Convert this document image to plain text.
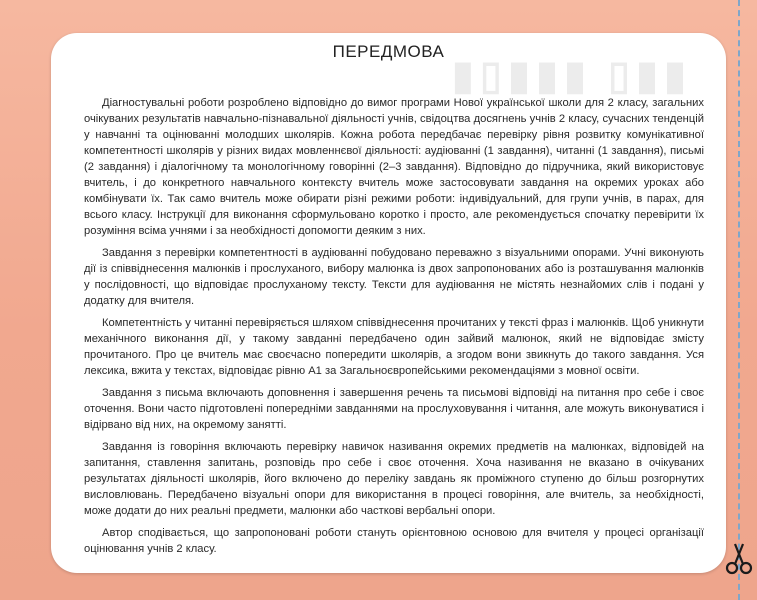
▮▮▯ ▮▮▮▯▮
ПЕРЕДМОВА

Діагностувальні роботи розроблено відповідно до вимог програми Нової української школи для 2 класу, загальних очікуваних результатів навчально-пізнавальної діяльності учнів, свідоцтва досягнень учнів 2 класу, сучасних тенденцій у навчанні та оцінюванні молодших школярів. Кожна робота передбачає перевірку рівня розвитку комунікативної компетентності школярів у різних видах мовленнєвої діяльності: аудіюванні (1 завдання), читанні (1 завдання), письмі (2 завдання) і діалогічному та монологічному говорінні (2–3 завдання). Відповідно до підручника, який використовує вчитель, і до конкретного навчального контексту вчитель може застосовувати завдання на окремих уроках або комбінувати їх. Так само вчитель може обирати різні режими роботи: індивідуальний, для групи учнів, в парах, для всього класу. Інструкції для виконання сформульовано коротко і просто, але рекомендується спочатку перевірити їх розуміння всіма учнями і за необхідності допомогти деяким з них.

Завдання з перевірки компетентності в аудіюванні побудовано переважно з візуальними опорами. Учні виконують дії із співвіднесення малюнків і прослуханого, вибору малюнка із двох запропонованих або із розташування малюнків у послідовності, що відповідає прослуханому тексту. Тексти для аудіювання не містять незнайомих слів і подані у додатку для вчителя.

Компетентність у читанні перевіряється шляхом співвіднесення прочитаних у тексті фраз і малюнків. Щоб уникнути механічного виконання дії, у такому завданні передбачено один зайвий малюнок, який не відповідає змісту прочитаного. Про це вчитель має своєчасно попередити школярів, а згодом вони звикнуть до такого завдання. Уся лексика, вжита у текстах, відповідає рівню А1 за Загальноєвропейськими рекомендаціями з мовної освіти.

Завдання з письма включають доповнення і завершення речень та письмові відповіді на питання про себе і своє оточення. Вони часто підготовлені попередніми завданнями на прослуховування і читання, але можуть виконуватися і відірвано від них, на окремому занятті.

Завдання із говоріння включають перевірку навичок називання окремих предметів на малюнках, відповідей на запитання, ставлення запитань, розповідь про себе і своє оточення. Хоча називання не вказано в очікуваних результатах діяльності школярів, його включено до переліку завдань як проміжного ступеню до більш розгорнутих висловлювань. Передбачено візуальні опори для використання в процесі говоріння, але вчитель, за необхідності, може додати до них реальні предмети, малюнки або часткові вербальні опори.

Автор сподівається, що запропоновані роботи стануть орієнтовною основою для вчителя у процесі організації оцінювання учнів 2 класу.
